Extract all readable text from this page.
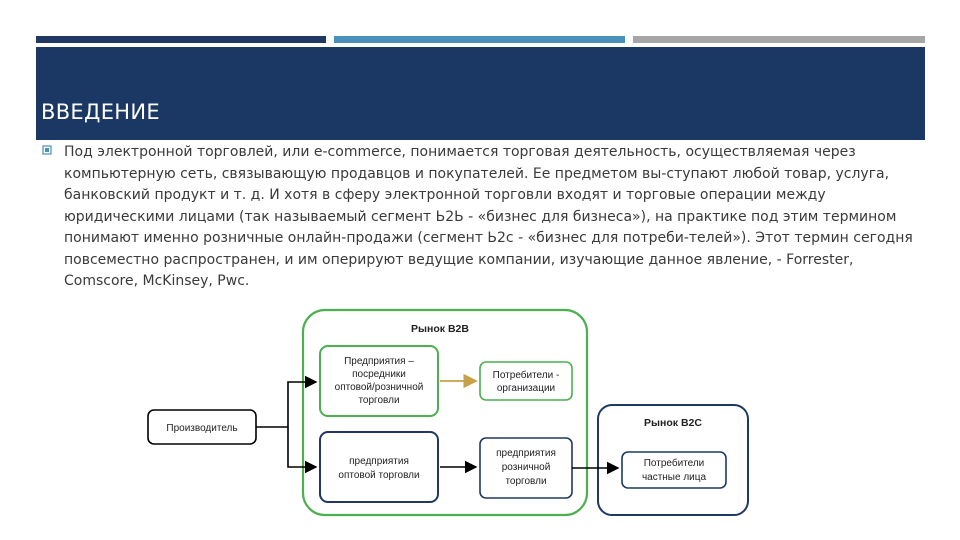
ВВЕДЕНИЕ
Под электронной торговлей, или e-commerce, понимается торговая деятельность, осуществляемая через компьютерную сеть, связывающую продавцов и покупателей. Ее предметом вы-ступают любой товар, услуга, банковский продукт и т. д. И хотя в сферу электронной торговли входят и торговые операции между юридическими лицами (так называемый сегмент Ь2Ь - «бизнес для бизнеса»), на практике под этим термином понимают именно розничные онлайн-продажи (сегмент Ь2с - «бизнес для потреби-телей»). Этот термин сегодня повсеместно распространен, и им оперируют ведущие компании, изучающие данное явление, - Forrester, Comscore, McKinsey, Pwc.
Рынок B2B
Рынок B2C
Производитель
Предприятия –
посредники
оптовой/розничной
торговли
Потребители -
организации
предприятия
оптовой торговли
предприятия
розничной
торговли
Потребители
частные лица
